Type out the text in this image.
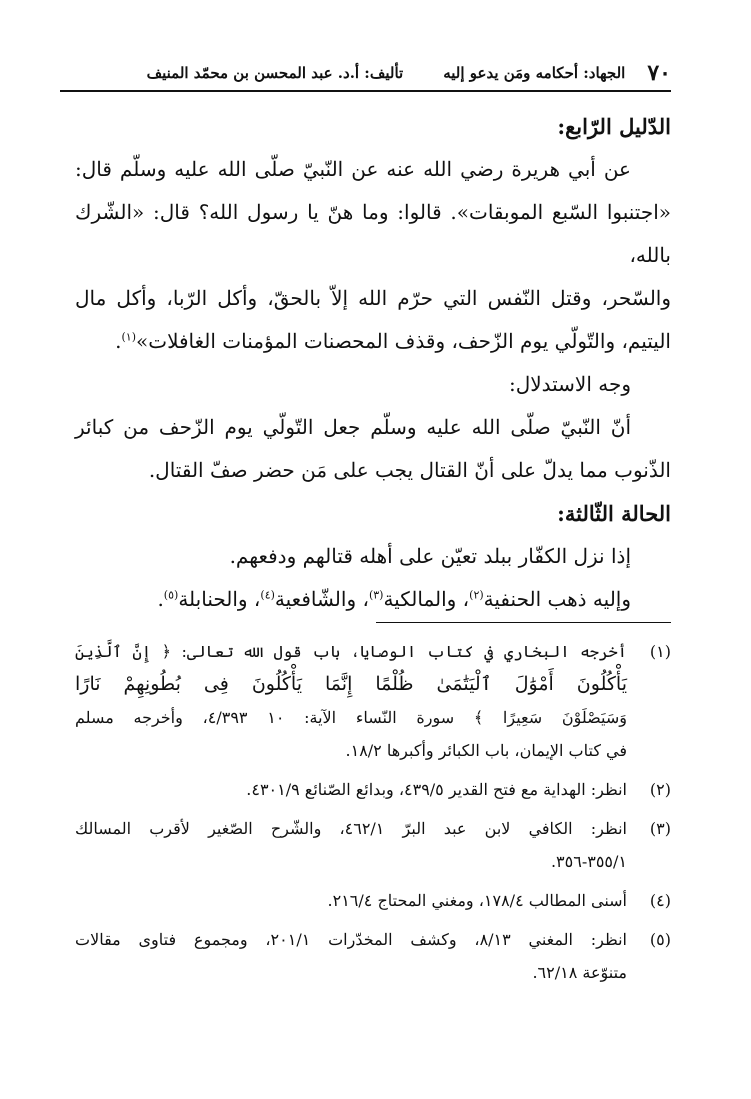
٧٠
الجهاد: أحكامه ومَن يدعو إليه
تأليف: أ.د. عبد المحسن بن محمّد المنيف

الدّليل الرّابع:

عن أبي هريرة رضي الله عنه عن النّبيّ صلّى الله عليه وسلّم قال:

«اجتنبوا السّبع الموبقات». قالوا: وما هنّ يا رسول الله؟ قال: «الشّرك بالله،

والسّحر، وقتل النّفس التي حرّم الله إلاّ بالحقّ، وأكل الرّبا، وأكل مال

اليتيم، والتّولّي يوم الزّحف، وقذف المحصنات المؤمنات الغافلات»$^{(١)}$.

وجه الاستدلال:

أنّ النّبيّ صلّى الله عليه وسلّم جعل التّولّي يوم الزّحف من كبائر

الذّنوب مما يدلّ على أنّ القتال يجب على مَن حضر صفّ القتال.

الحالة الثّالثة:

إذا نزل الكفّار ببلد تعيّن على أهله قتالهم ودفعهم.

وإليه ذهب الحنفية$^{(٢)}$، والمالكية$^{(٣)}$، والشّافعية$^{(٤)}$، والحنابلة$^{(٥)}$.

(١)
أخرجه البخاري في كتاب الوصايا، باب قول الله تعالى: ﴿ إِنَّ ٱلَّذِينَ
يَأْكُلُونَ أَمْوَٰلَ ٱلْيَتَٰمَىٰ ظُلْمًا إِنَّمَا يَأْكُلُونَ فِى بُطُونِهِمْ نَارًا
وَسَيَصْلَوْنَ سَعِيرًا ﴾ سورة النّساء الآية: ١٠ ٤/٣٩٣، وأخرجه مسلم
في كتاب الإيمان، باب الكبائر وأكبرها ١٨/٢.
(٢)
انظر: الهداية مع فتح القدير ٤٣٩/٥، وبدائع الصّنائع ٤٣٠١/٩.
(٣)
انظر: الكافي لابن عبد البرّ ٤٦٢/١، والشّرح الصّغير لأقرب المسالك
٣٥٥/١-٣٥٦.
(٤)
أسنى المطالب ١٧٨/٤، ومغني المحتاج ٢١٦/٤.
(٥)
انظر: المغني ٨/١٣، وكشف المخدّرات ٢٠١/١، ومجموع فتاوى مقالات
متنوّعة ٦٢/١٨.
